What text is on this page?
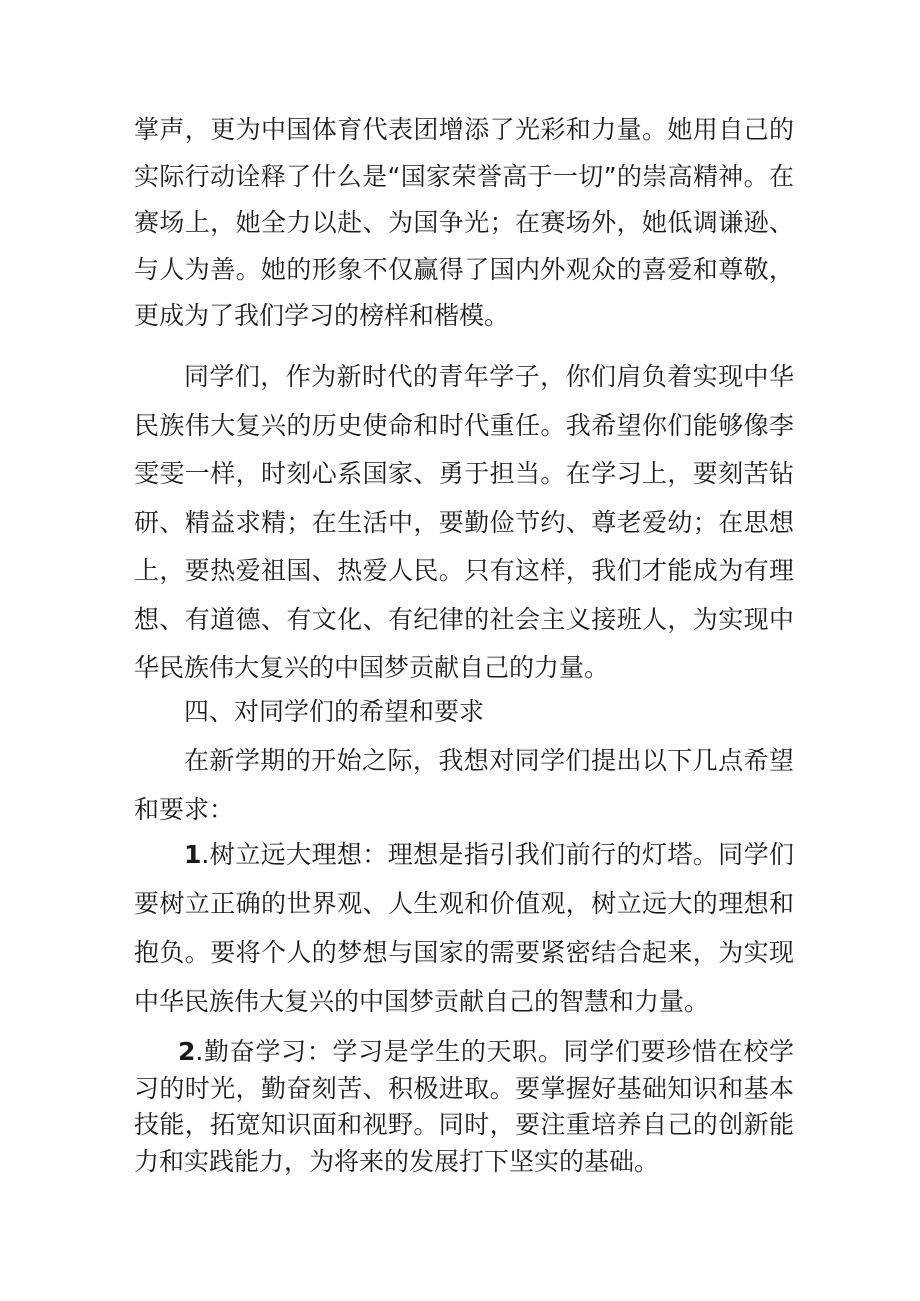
掌声，更为中国体育代表团增添了光彩和力量。她用自己的实际行动诠释了什么是“国家荣誉高于一切”的崇高精神。在赛场上，她全力以赴、为国争光；在赛场外，她低调谦逊、与人为善。她的形象不仅赢得了国内外观众的喜爱和尊敬，更成为了我们学习的榜样和楷模。

同学们，作为新时代的青年学子，你们肩负着实现中华民族伟大复兴的历史使命和时代重任。我希望你们能够像李雯雯一样，时刻心系国家、勇于担当。在学习上，要刻苦钻研、精益求精；在生活中，要勤俭节约、尊老爱幼；在思想上，要热爱祖国、热爱人民。只有这样，我们才能成为有理想、有道德、有文化、有纪律的社会主义接班人，为实现中华民族伟大复兴的中国梦贡献自己的力量。

四、对同学们的希望和要求

在新学期的开始之际，我想对同学们提出以下几点希望和要求：

1.树立远大理想：理想是指引我们前行的灯塔。同学们要树立正确的世界观、人生观和价值观，树立远大的理想和抱负。要将个人的梦想与国家的需要紧密结合起来，为实现中华民族伟大复兴的中国梦贡献自己的智慧和力量。

2.勤奋学习：学习是学生的天职。同学们要珍惜在校学习的时光，勤奋刻苦、积极进取。要掌握好基础知识和基本技能，拓宽知识面和视野。同时，要注重培养自己的创新能力和实践能力，为将来的发展打下坚实的基础。
